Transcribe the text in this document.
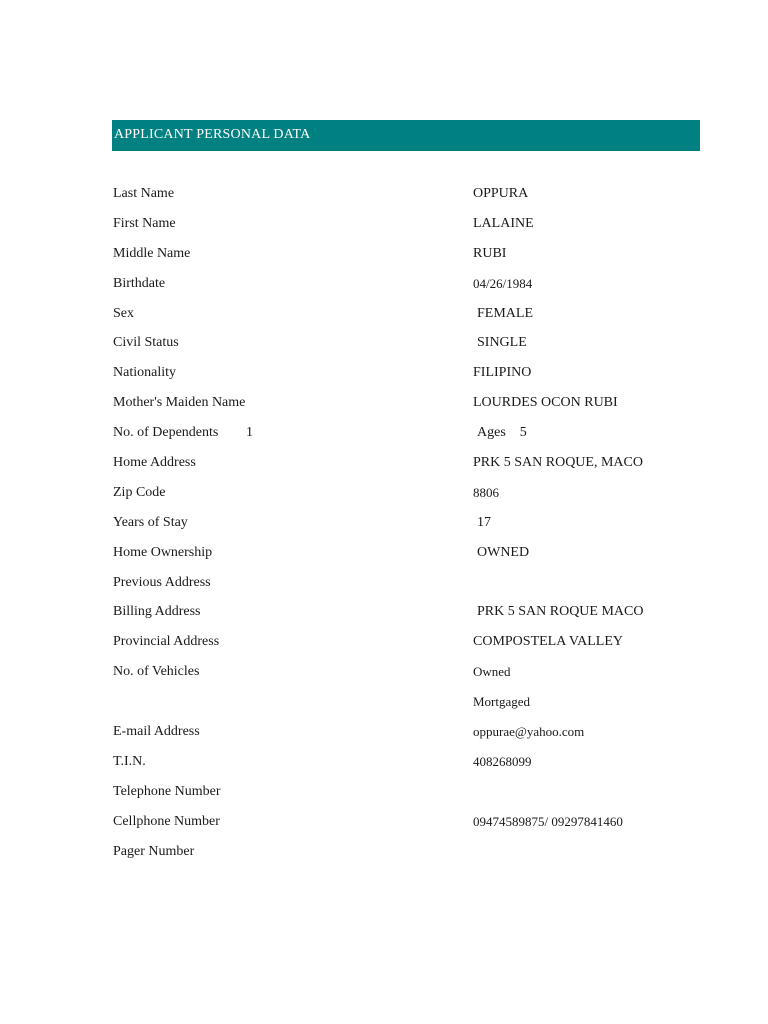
APPLICANT PERSONAL DATA
Last Name	OPPURA
First Name	LALAINE
Middle Name	RUBI
Birthdate	04/26/1984
Sex	FEMALE
Civil Status	SINGLE
Nationality	FILIPINO
Mother's Maiden Name	LOURDES OCON RUBI
No. of Dependents 1	Ages 5
Home Address	PRK 5 SAN ROQUE, MACO
Zip Code	8806
Years of Stay	17
Home Ownership	OWNED
Previous Address
Billing Address	PRK 5 SAN ROQUE MACO
Provincial Address	COMPOSTELA VALLEY
No. of Vehicles	Owned
Mortgaged
E-mail Address	oppurae@yahoo.com
T.I.N.	408268099
Telephone Number
Cellphone Number	09474589875/ 09297841460
Pager Number
